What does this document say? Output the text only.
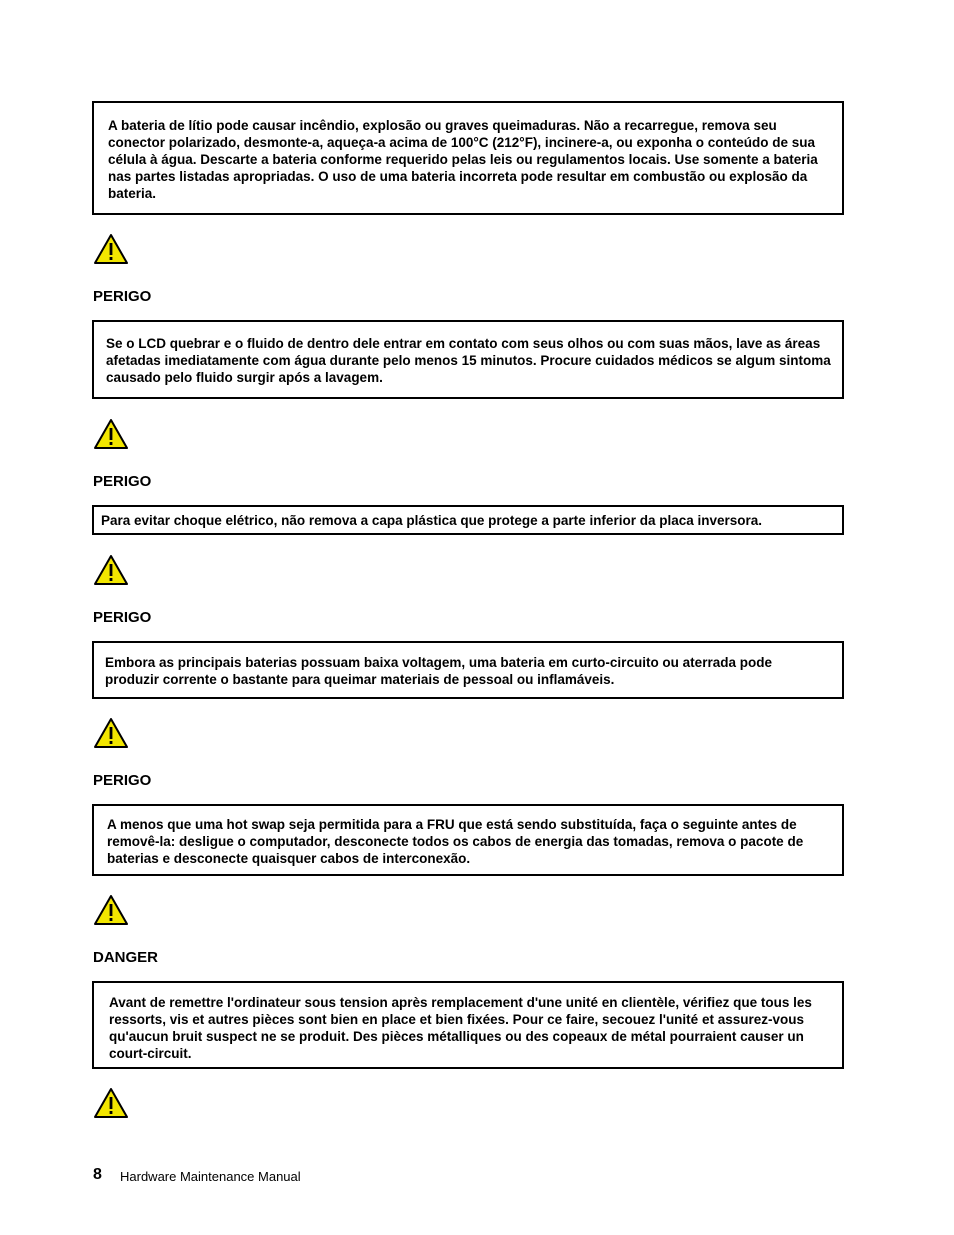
A bateria de lítio pode causar incêndio, explosão ou graves queimaduras. Não a recarregue, remova seu conector polarizado, desmonte-a, aqueça-a acima de 100°C (212°F), incinere-a, ou exponha o conteúdo de sua célula à água. Descarte a bateria conforme requerido pelas leis ou regulamentos locais. Use somente a bateria nas partes listadas apropriadas. O uso de uma bateria incorreta pode resultar em combustão ou explosão da bateria.
PERIGO
Se o LCD quebrar e o fluido de dentro dele entrar em contato com seus olhos ou com suas mãos, lave as áreas afetadas imediatamente com água durante pelo menos 15 minutos. Procure cuidados médicos se algum sintoma causado pelo fluido surgir após a lavagem.
PERIGO
Para evitar choque elétrico, não remova a capa plástica que protege a parte inferior da placa inversora.
PERIGO
Embora as principais baterias possuam baixa voltagem, uma bateria em curto-circuito ou aterrada pode produzir corrente o bastante para queimar materiais de pessoal ou inflamáveis.
PERIGO
A menos que uma hot swap seja permitida para a FRU que está sendo substituída, faça o seguinte antes de removê-la: desligue o computador, desconecte todos os cabos de energia das tomadas, remova o pacote de baterias e desconecte quaisquer cabos de interconexão.
DANGER
Avant de remettre l'ordinateur sous tension après remplacement d'une unité en clientèle, vérifiez que tous les ressorts, vis et autres pièces sont bien en place et bien fixées. Pour ce faire, secouez l'unité et assurez-vous qu'aucun bruit suspect ne se produit. Des pièces métalliques ou des copeaux de métal pourraient causer un court-circuit.
8 Hardware Maintenance Manual
